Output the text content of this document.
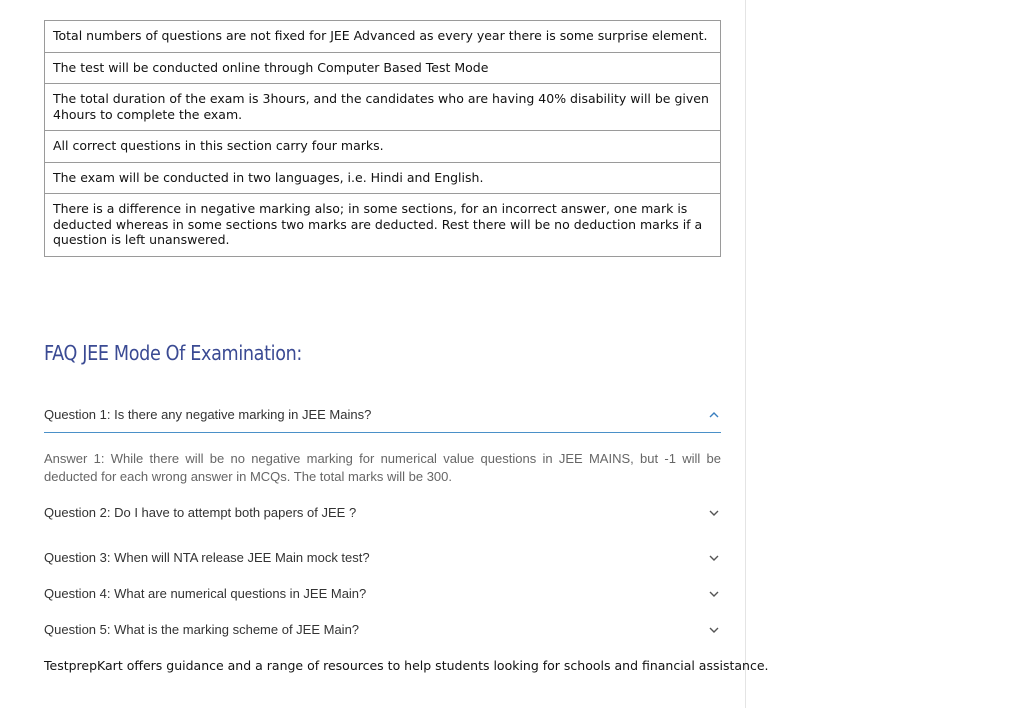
Total numbers of questions are not fixed for JEE Advanced as every year there is some surprise element.
The test will be conducted online through Computer Based Test Mode
The total duration of the exam is 3hours, and the candidates who are having 40% disability will be given 4hours to complete the exam.
All correct questions in this section carry four marks.
The exam will be conducted in two languages, i.e. Hindi and English.
There is a difference in negative marking also; in some sections, for an incorrect answer, one mark is deducted whereas in some sections two marks are deducted. Rest there will be no deduction marks if a question is left unanswered.
FAQ JEE Mode Of Examination:
Question 1: Is there any negative marking in JEE Mains?
Answer 1: While there will be no negative marking for numerical value questions in JEE MAINS, but -1 will be deducted for each wrong answer in MCQs. The total marks will be 300.
Question 2: Do I have to attempt both papers of JEE ?
Question 3: When will NTA release JEE Main mock test?
Question 4: What are numerical questions in JEE Main?
Question 5: What is the marking scheme of JEE Main?
TestprepKart offers guidance and a range of resources to help students looking for schools and financial assistance.
